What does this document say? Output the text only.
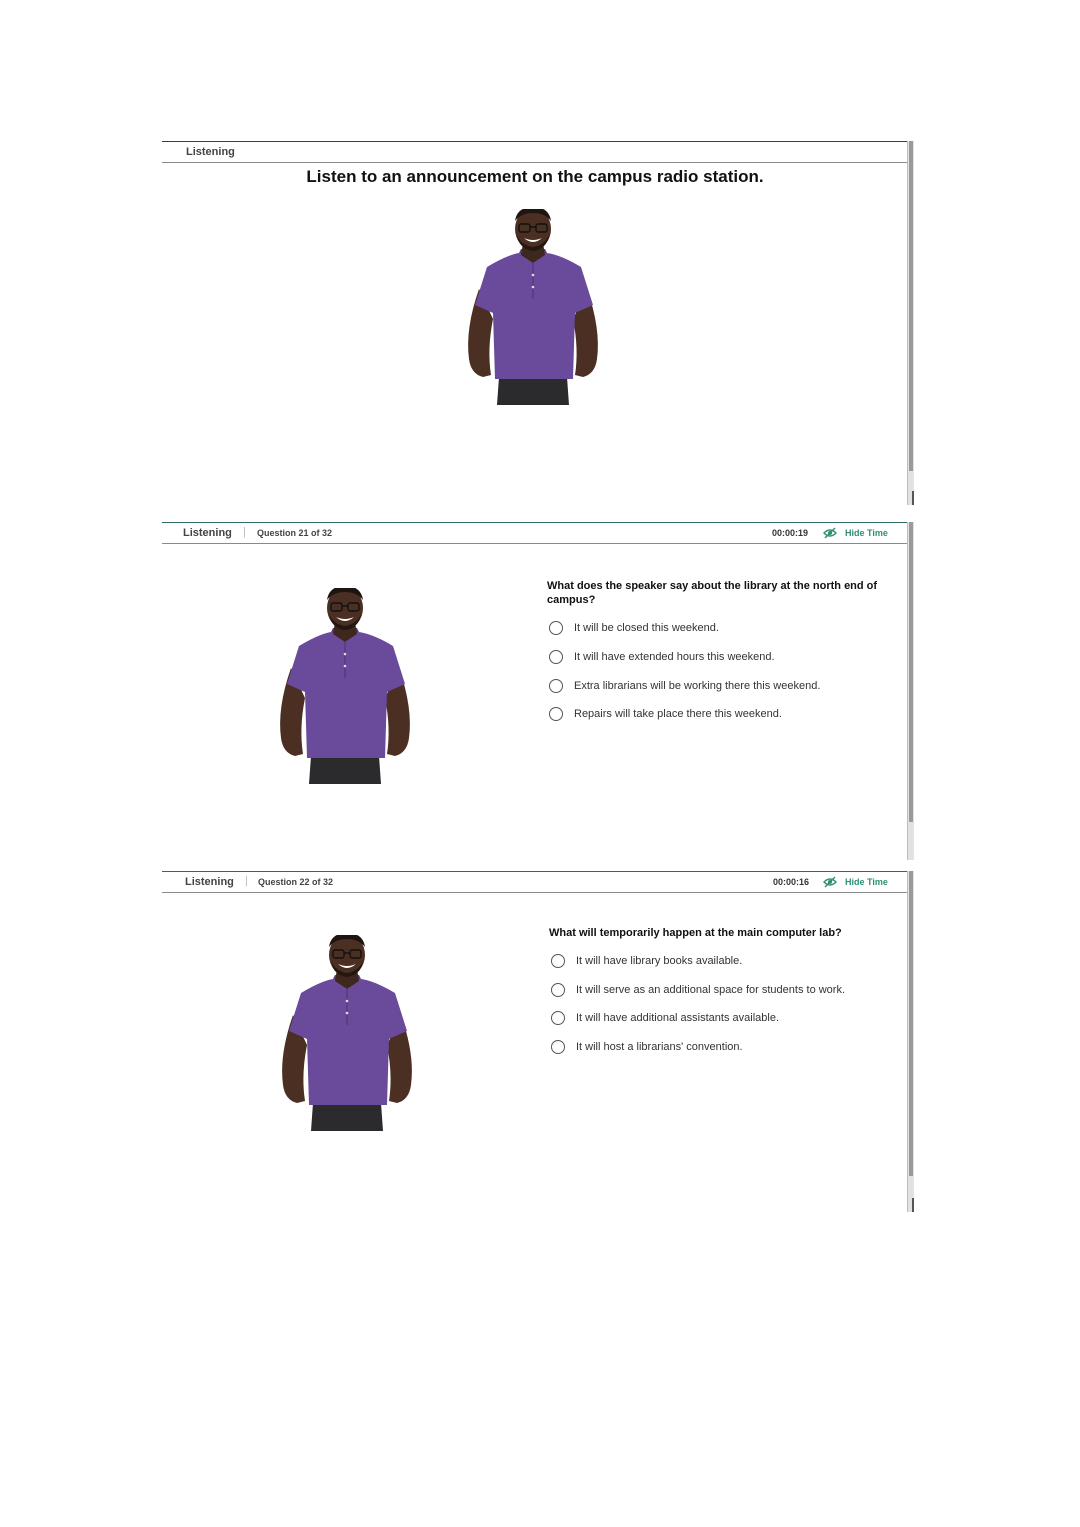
Listening
Listen to an announcement on the campus radio station.
Listening | Question 21 of 32	00:00:19	Hide Time
What does the speaker say about the library at the north end of campus?
It will be closed this weekend.
It will have extended hours this weekend.
Extra librarians will be working there this weekend.
Repairs will take place there this weekend.
Listening | Question 22 of 32	00:00:16	Hide Time
What will temporarily happen at the main computer lab?
It will have library books available.
It will serve as an additional space for students to work.
It will have additional assistants available.
It will host a librarians' convention.
